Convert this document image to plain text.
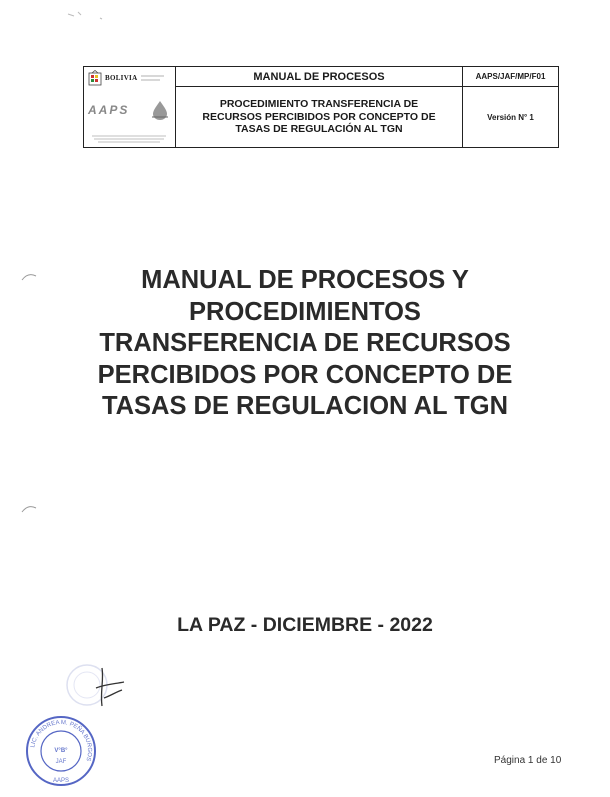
BOLIVIA
AAPS
MANUAL DE PROCESOS	AAPS/JAF/MP/F01
PROCEDIMIENTO TRANSFERENCIA DE
RECURSOS PERCIBIDOS POR CONCEPTO DE
TASAS DE REGULACIÓN AL TGN
Versión N° 1
MANUAL DE PROCESOS Y
PROCEDIMIENTOS
TRANSFERENCIA DE RECURSOS
PERCIBIDOS POR CONCEPTO DE
TASAS DE REGULACION AL TGN
LA PAZ - DICIEMBRE - 2022
LIC. ANDREA M. PEÑA BURGOS
V°B°
JAF
AAPS
Página 1 de 10
